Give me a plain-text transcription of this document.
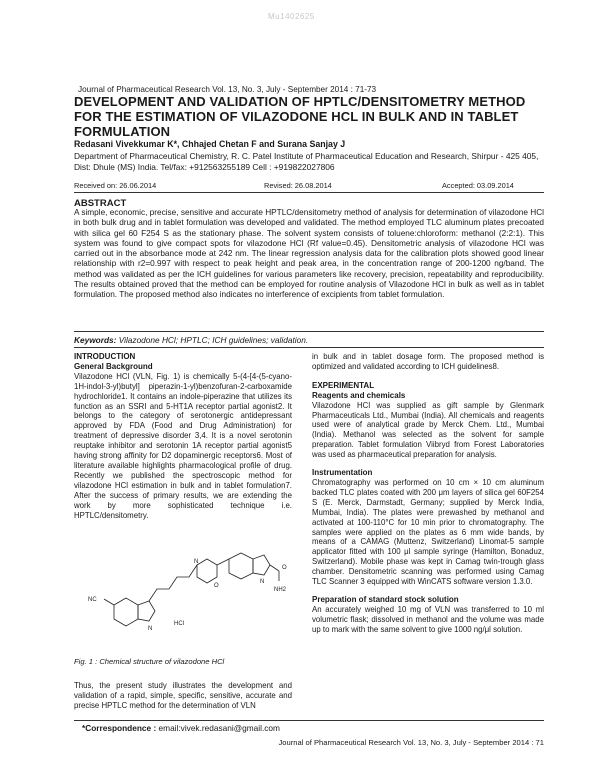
Mu1402625
Journal of Pharmaceutical Research Vol. 13, No. 3, July - September 2014 : 71-73
DEVELOPMENT AND VALIDATION OF HPTLC/DENSITOMETRY METHOD FOR THE ESTIMATION OF VILAZODONE HCL IN BULK AND IN TABLET FORMULATION
Redasani Vivekkumar K*, Chhajed Chetan F and Surana Sanjay J
Department of Pharmaceutical Chemistry, R. C. Patel Institute of Pharmaceutical Education and Research, Shirpur - 425 405, Dist: Dhule (MS) India. Tel/fax: +912563255189 Cell : +919822027806
Received on: 26.06.2014	Revised: 26.08.2014	Accepted: 03.09.2014
ABSTRACT
A simple, economic, precise, sensitive and accurate HPTLC/densitometry method of analysis for determination of vilazodone HCl in both bulk drug and in tablet formulation was developed and validated. The method employed TLC aluminum plates precoated with silica gel 60 F254 S as the stationary phase. The solvent system consists of toluene:chloroform: methanol (2:2:1). This system was found to give compact spots for vilazodone HCl (Rf value=0.45). Densitometric analysis of vilazodone HCl was carried out in the absorbance mode at 242 nm. The linear regression analysis data for the calibration plots showed good linear relationship with r2=0.997 with respect to peak height and peak area, in the concentration range of 200-1200 ng/band. The method was validated as per the ICH guidelines for various parameters like recovery, precision, repeatability and reproducibility. The results obtained proved that the method can be employed for routine analysis of Vilazodone HCl in bulk as well as in tablet formulation. The proposed method also indicates no interference of excipients from tablet formulation.
Keywords: Vilazodone HCl; HPTLC; ICH guidelines; validation.
INTRODUCTION
General Background

Vilazodone HCl (VLN, Fig. 1) is chemically 5-(4-[4-(5-cyano-1H-indol-3-yl)butyl] piperazin-1-yl)benzofuran-2-carboxamide hydrochloride1. It contains an indole-piperazine that utilizes its function as an SSRI and 5-HT1A receptor partial agonist2. It belongs to the category of serotonergic antidepressant approved by FDA (Food and Drug Administration) for treatment of depressive disorder 3,4. It is a novel serotonin reuptake inhibitor and serotonin 1A receptor partial agonist5 having strong affinity for D2 dopaminergic receptors6. Most of literature available highlights pharmacological profile of drug. Recently we published the spectroscopic method for vilazodone HCl estimation in bulk and in tablet formulation7. After the success of primary results, we are extending the work by more sophisticated technique i.e. HPTLC/densitometry.

NC
N
N
O
N
HCl
NH2
O
Fig. 1 : Chemical structure of vilazodone HCl

Thus, the present study illustrates the development and validation of a rapid, simple, specific, sensitive, accurate and precise HPTLC method for the determination of VLN

in bulk and in tablet dosage form. The proposed method is optimized and validated according to ICH guidelines8.

EXPERIMENTAL
Reagents and chemicals

Vilazodone HCl was supplied as gift sample by Glenmark Pharmaceuticals Ltd., Mumbai (India). All chemicals and reagents used were of analytical grade by Merck Chem. Ltd., Mumbai (India). Methanol was selected as the solvent for sample preparation. Tablet formulation Viibryd from Forest Laboratories was used as pharmaceutical preparation for analysis.

Instrumentation

Chromatography was performed on 10 cm × 10 cm aluminum backed TLC plates coated with 200 μm layers of silica gel 60F254 S (E. Merck, Darmstadt, Germany; supplied by Merck India, Mumbai, India). The plates were prewashed by methanol and activated at 100-110°C for 10 min prior to chromatography. The samples were applied on the plates as 6 mm wide bands, by means of a CAMAG (Muttenz, Switzerland) Linomat-5 sample applicator fitted with 100 μl sample syringe (Hamilton, Bonaduz, Switzerland). Mobile phase was kept in Camag twin-trough glass chamber. Densitometric scanning was performed using Camag TLC Scanner 3 equipped with WinCATS software version 1.3.0.

Preparation of standard stock solution

An accurately weighed 10 mg of VLN was transferred to 10 ml volumetric flask; dissolved in methanol and the volume was made up to mark with the same solvent to give 1000 ng/μl solution.

*Correspondence : email:vivek.redasani@gmail.com
Journal of Pharmaceutical Research Vol. 13, No. 3, July - September 2014 : 71
